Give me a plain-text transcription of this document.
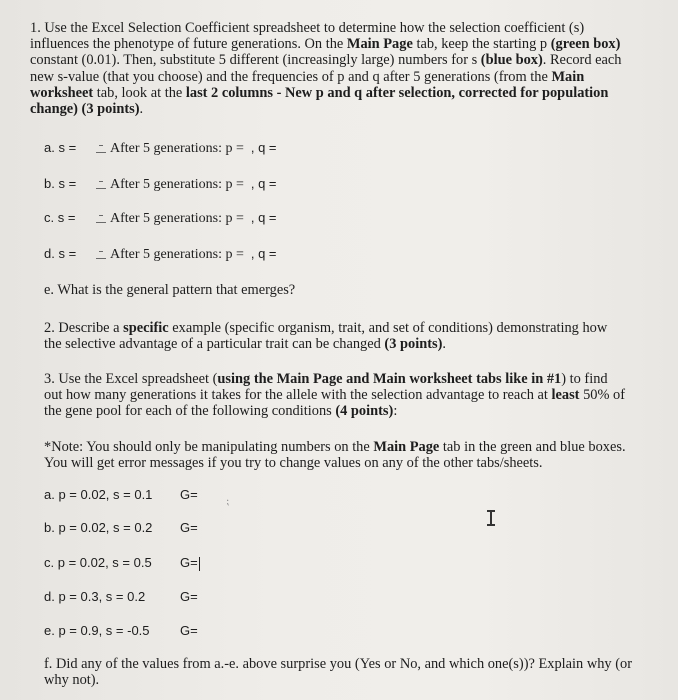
1. Use the Excel Selection Coefficient spreadsheet to determine how the selection coefficient (s) influences the phenotype of future generations. On the Main Page tab, keep the starting p (green box) constant (0.01). Then, substitute 5 different (increasingly large) numbers for s (blue box). Record each new s-value (that you choose) and the frequencies of p and q after 5 generations (from the Main worksheet tab, look at the last 2 columns - New p and q after selection, corrected for population change) (3 points).
a. s = After 5 generations: p = , q =
b. s = After 5 generations: p = , q =
c. s = After 5 generations: p = , q =
d. s = After 5 generations: p = , q =
e. What is the general pattern that emerges?
2. Describe a specific example (specific organism, trait, and set of conditions) demonstrating how the selective advantage of a particular trait can be changed (3 points).
3. Use the Excel spreadsheet (using the Main Page and Main worksheet tabs like in #1) to find out how many generations it takes for the allele with the selection advantage to reach at least 50% of the gene pool for each of the following conditions (4 points):
*Note: You should only be manipulating numbers on the Main Page tab in the green and blue boxes. You will get error messages if you try to change values on any of the other tabs/sheets.
a. p = 0.02, s = 0.1 G=	⁏
b. p = 0.02, s = 0.2 G=
c. p = 0.02, s = 0.5 G=
d. p = 0.3, s = 0.2	G=
e. p = 0.9, s = -0.5 G=
f. Did any of the values from a.-e. above surprise you (Yes or No, and which one(s))? Explain why (or why not).
